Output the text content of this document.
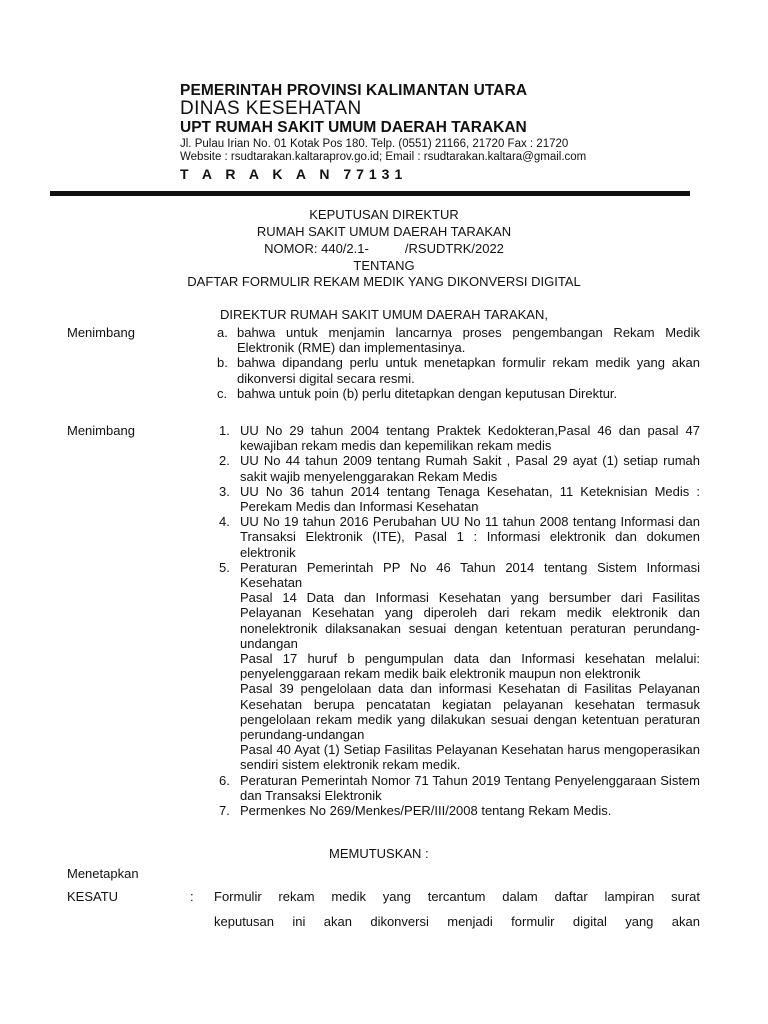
PEMERINTAH PROVINSI KALIMANTAN UTARA
DINAS KESEHATAN
UPT RUMAH SAKIT UMUM DAERAH TARAKAN
Jl. Pulau Irian No. 01 Kotak Pos 180. Telp. (0551) 21166, 21720 Fax : 21720
Website : rsudtarakan.kaltaraprov.go.id; Email : rsudtarakan.kaltara@gmail.com
T A R A K A N 77131
KEPUTUSAN DIREKTUR
RUMAH SAKIT UMUM DAERAH TARAKAN
NOMOR: 440/2.1-          /RSUDTRK/2022
TENTANG
DAFTAR FORMULIR REKAM MEDIK YANG DIKONVERSI DIGITAL
DIREKTUR RUMAH SAKIT UMUM DAERAH TARAKAN,
Menimbang	a. bahwa untuk menjamin lancarnya proses pengembangan Rekam Medik Elektronik (RME) dan implementasinya.
b. bahwa dipandang perlu untuk menetapkan formulir rekam medik yang akan dikonversi digital secara resmi.
c. bahwa untuk poin (b) perlu ditetapkan dengan keputusan Direktur.
Menimbang	1. UU No 29 tahun 2004 tentang Praktek Kedokteran,Pasal 46 dan pasal 47 kewajiban rekam medis dan kepemilikan rekam medis
2. UU No 44 tahun 2009 tentang Rumah Sakit , Pasal 29 ayat (1) setiap rumah sakit wajib menyelenggarakan Rekam Medis
3. UU No 36 tahun 2014 tentang Tenaga Kesehatan, 11 Keteknisian Medis : Perekam Medis dan Informasi Kesehatan
4. UU No 19 tahun 2016 Perubahan UU No 11 tahun 2008 tentang Informasi dan Transaksi Elektronik (ITE), Pasal 1 : Informasi elektronik dan dokumen elektronik
5. Peraturan Pemerintah PP No 46 Tahun 2014 tentang Sistem Informasi Kesehatan
Pasal 14 Data dan Informasi Kesehatan yang bersumber dari Fasilitas Pelayanan Kesehatan yang diperoleh dari rekam medik elektronik dan nonelektronik dilaksanakan sesuai dengan ketentuan peraturan perundang-undangan
Pasal 17 huruf b pengumpulan data dan Informasi kesehatan melalui: penyelenggaraan rekam medik baik elektronik maupun non elektronik
Pasal 39 pengelolaan data dan informasi Kesehatan di Fasilitas Pelayanan Kesehatan berupa pencatatan kegiatan pelayanan kesehatan termasuk pengelolaan rekam medik yang dilakukan sesuai dengan ketentuan peraturan perundang-undangan
Pasal 40 Ayat (1) Setiap Fasilitas Pelayanan Kesehatan harus mengoperasikan sendiri sistem elektronik rekam medik.
6. Peraturan Pemerintah Nomor 71 Tahun 2019 Tentang Penyelenggaraan Sistem dan Transaksi Elektronik
7. Permenkes No 269/Menkes/PER/III/2008 tentang Rekam Medis.
MEMUTUSKAN :
Menetapkan
KESATU	: Formulir rekam medik yang tercantum dalam daftar lampiran surat
keputusan ini akan dikonversi menjadi formulir digital yang akan
